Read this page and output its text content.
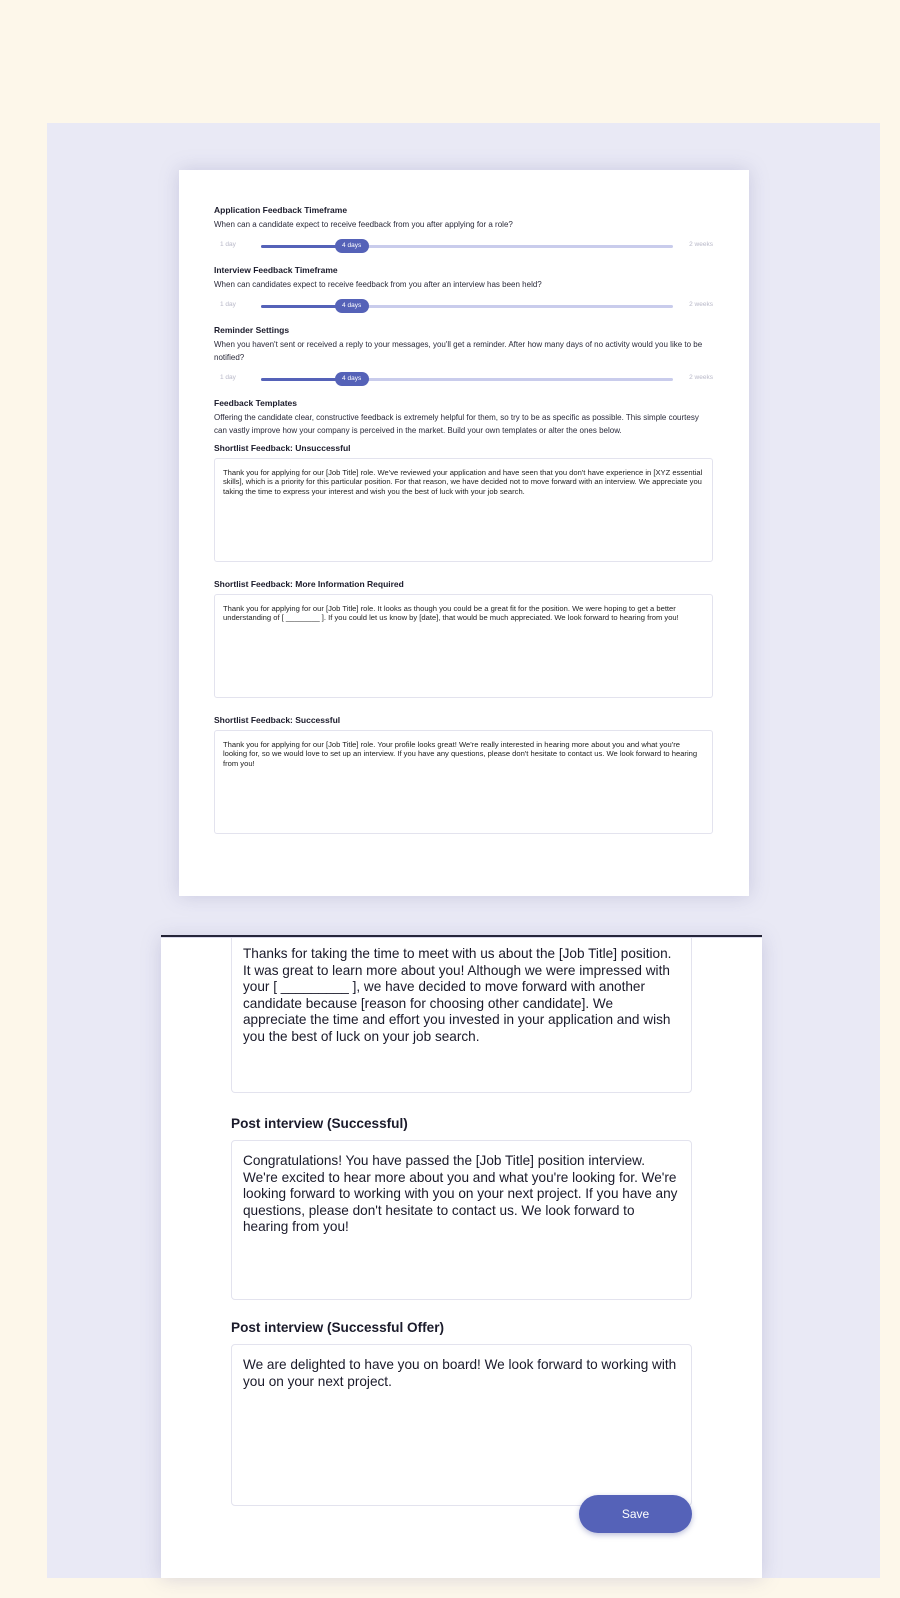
Application Feedback Timeframe
When can a candidate expect to receive feedback from you after applying for a role?
1 day	4 days	2 weeks
Interview Feedback Timeframe
When can candidates expect to receive feedback from you after an interview has been held?
1 day	4 days	2 weeks
Reminder Settings
When you haven't sent or received a reply to your messages, you'll get a reminder. After how many days of no activity would you like to be notified?
1 day	4 days	2 weeks
Feedback Templates
Offering the candidate clear, constructive feedback is extremely helpful for them, so try to be as specific as possible. This simple courtesy can vastly improve how your company is perceived in the market. Build your own templates or alter the ones below.
Shortlist Feedback: Unsuccessful
Thank you for applying for our [Job Title] role. We've reviewed your application and have seen that you don't have experience in [XYZ essential skills], which is a priority for this particular position. For that reason, we have decided not to move forward with an interview. We appreciate you taking the time to express your interest and wish you the best of luck with your job search.
Shortlist Feedback: More Information Required
Thank you for applying for our [Job Title] role. It looks as though you could be a great fit for the position. We were hoping to get a better understanding of [ ________ ]. If you could let us know by [date], that would be much appreciated. We look forward to hearing from you!
Shortlist Feedback: Successful
Thank you for applying for our [Job Title] role. Your profile looks great! We're really interested in hearing more about you and what you're looking for, so we would love to set up an interview. If you have any questions, please don't hesitate to contact us. We look forward to hearing from you!
Thanks for taking the time to meet with us about the [Job Title] position. It was great to learn more about you! Although we were impressed with your [ _________ ], we have decided to move forward with another candidate because [reason for choosing other candidate]. We appreciate the time and effort you invested in your application and wish you the best of luck on your job search.
Post interview (Successful)
Congratulations! You have passed the [Job Title] position interview. We're excited to hear more about you and what you're looking for. We're looking forward to working with you on your next project. If you have any questions, please don't hesitate to contact us. We look forward to hearing from you!
Post interview (Successful Offer)
We are delighted to have you on board! We look forward to working with you on your next project.
Save
